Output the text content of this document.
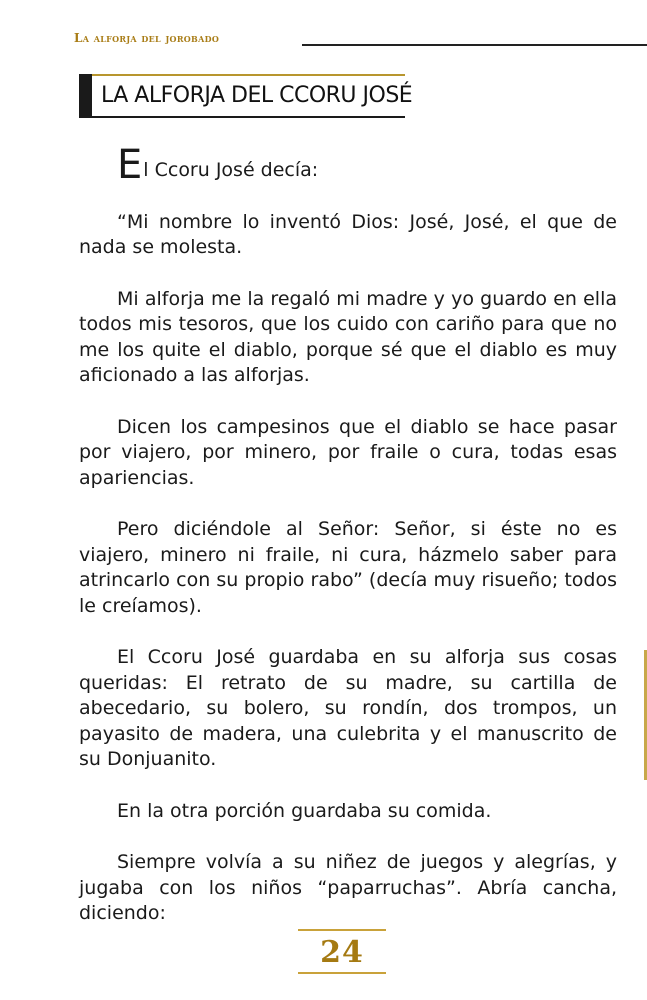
La alforja del jorobado
LA ALFORJA DEL CCORU JOSÉ

El Ccoru José decía:

“Mi nombre lo inventó Dios: José, José, el que de nada se molesta.

Mi alforja me la regaló mi madre y yo guardo en ella todos mis tesoros, que los cuido con cariño para que no me los quite el diablo, porque sé que el diablo es muy aficionado a las alforjas.

Dicen los campesinos que el diablo se hace pasar por viajero, por minero, por fraile o cura, todas esas apariencias.

Pero diciéndole al Señor: Señor, si éste no es viajero, minero ni fraile, ni cura, házmelo saber para atrincarlo con su propio rabo” (decía muy risueño; todos le creíamos).

El Ccoru José guardaba en su alforja sus cosas queridas: El retrato de su madre, su cartilla de abecedario, su bolero, su rondín, dos trompos, un payasito de madera, una culebrita y el manuscrito de su Donjuanito.

En la otra porción guardaba su comida.

Siempre volvía a su niñez de juegos y alegrías, y jugaba con los niños “paparruchas”. Abría cancha, diciendo:

24
